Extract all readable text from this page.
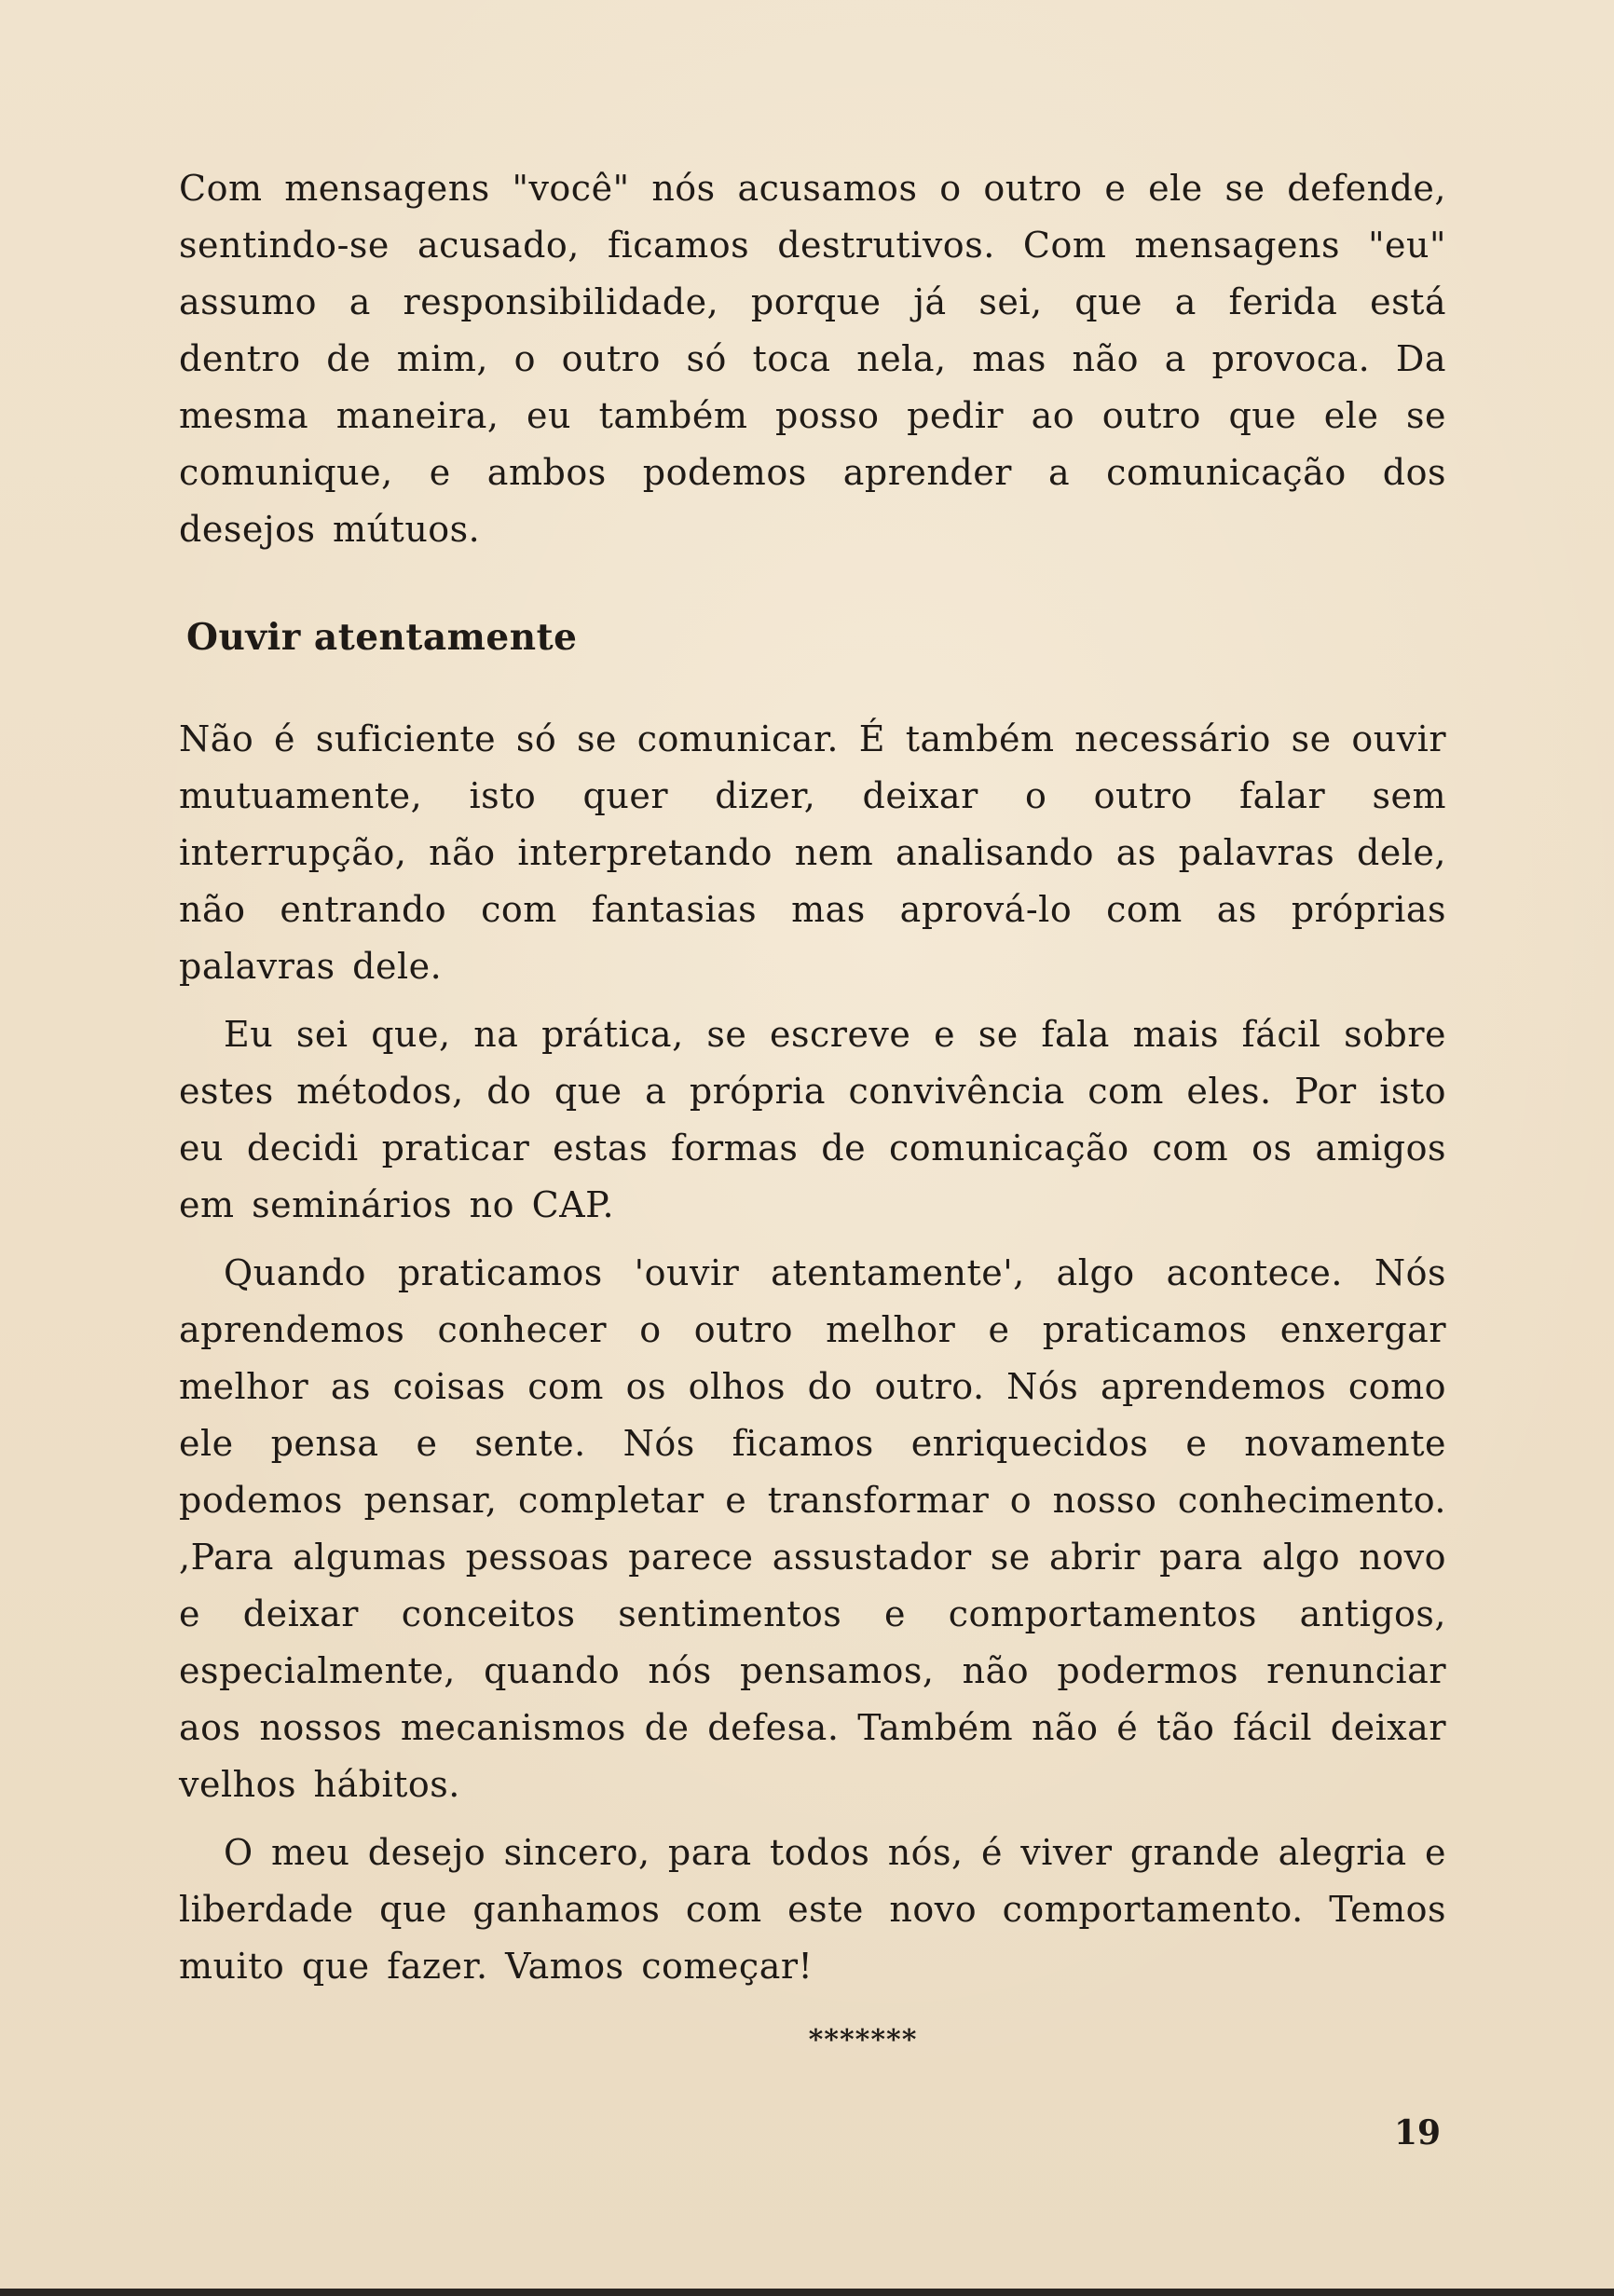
Com mensagens "você" nós acusamos o outro e ele se defende, sentindo-se acusado, ficamos destrutivos. Com mensagens "eu" assumo a responsibilidade, porque já sei, que a ferida está dentro de mim, o outro só toca nela, mas não a provoca. Da mesma maneira, eu também posso pedir ao outro que ele se comunique, e ambos podemos aprender a comunicação dos desejos mútuos.

Ouvir atentamente

Não é suficiente só se comunicar. É também necessário se ouvir mutuamente, isto quer dizer, deixar o outro falar sem interrupção, não interpretando nem analisando as palavras dele, não entrando com fantasias mas aprová-lo com as próprias palavras dele.

Eu sei que, na prática, se escreve e se fala mais fácil sobre estes métodos, do que a própria convivência com eles. Por isto eu decidi praticar estas formas de comunicação com os amigos em seminários no CAP.

Quando praticamos 'ouvir atentamente', algo acontece. Nós aprendemos conhecer o outro melhor e praticamos enxergar melhor as coisas com os olhos do outro. Nós aprendemos como ele pensa e sente. Nós ficamos enriquecidos e novamente podemos pensar, completar e transformar o nosso conhecimento. ,Para algumas pessoas parece assustador se abrir para algo novo e deixar conceitos sentimentos e comportamentos antigos, especialmente, quando nós pensamos, não podermos renunciar aos nossos mecanismos de defesa. Também não é tão fácil deixar velhos hábitos.

O meu desejo sincero, para todos nós, é viver grande alegria e liberdade que ganhamos com este novo comportamento. Temos muito que fazer. Vamos começar!

*******
19
